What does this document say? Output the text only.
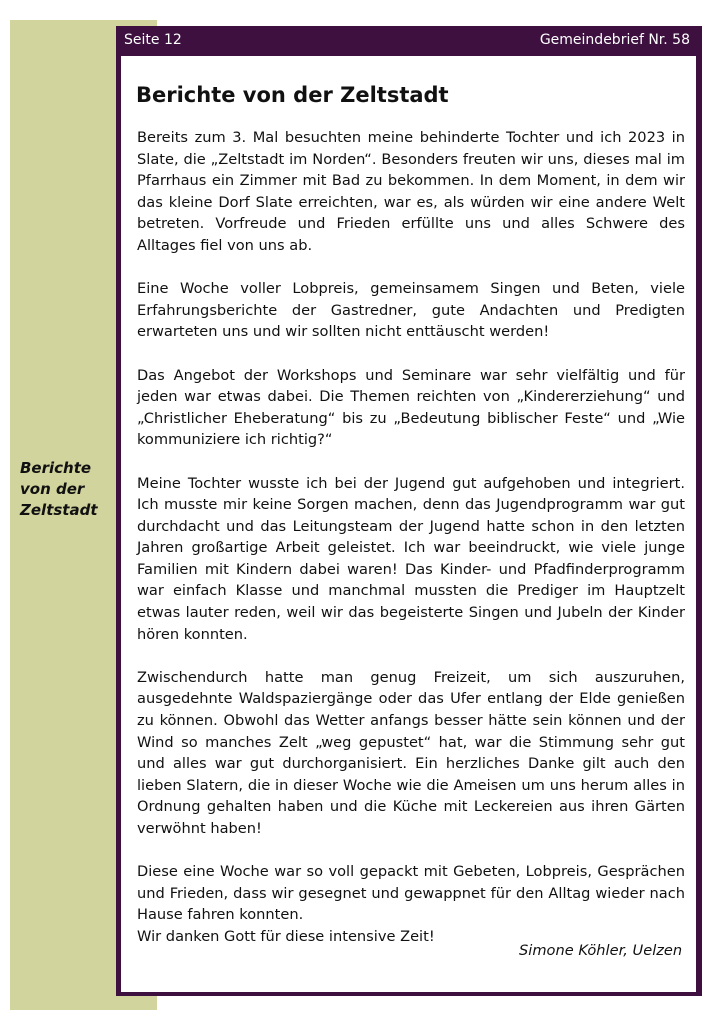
Berichte von der Zeltstadt
Seite 12	Gemeindebrief Nr. 58
Berichte von der Zeltstadt

Bereits zum 3. Mal besuchten meine behinderte Tochter und ich 2023 in Slate, die „Zeltstadt im Norden“. Besonders freuten wir uns, dieses mal im Pfarrhaus ein Zimmer mit Bad zu bekommen. In dem Moment, in dem wir das kleine Dorf Slate erreichten, war es, als würden wir eine andere Welt betreten. Vorfreude und Frieden erfüllte uns und alles Schwere des Alltages fiel von uns ab.

Eine Woche voller Lobpreis, gemeinsamem Singen und Beten, viele Erfahrungsberichte der Gastredner, gute Andachten und Predigten erwarteten uns und wir sollten nicht enttäuscht werden!

Das Angebot der Workshops und Seminare war sehr vielfältig und für jeden war etwas dabei. Die Themen reichten von „Kindererziehung“ und „Christlicher Eheberatung“ bis zu „Bedeutung biblischer Feste“ und „Wie kommuniziere ich richtig?“

Meine Tochter wusste ich bei der Jugend gut aufgehoben und integriert. Ich musste mir keine Sorgen machen, denn das Jugendprogramm war gut durchdacht und das Leitungsteam der Jugend hatte schon in den letzten Jahren großartige Arbeit geleistet. Ich war beeindruckt, wie viele junge Familien mit Kindern dabei waren! Das Kinder- und Pfadfinderprogramm war einfach Klasse und manchmal mussten die Prediger im Hauptzelt etwas lauter reden, weil wir das begeisterte Singen und Jubeln der Kinder hören konnten.

Zwischendurch hatte man genug Freizeit, um sich auszuruhen, ausgedehnte Waldspaziergänge oder das Ufer entlang der Elde genießen zu können. Obwohl das Wetter anfangs besser hätte sein können und der Wind so manches Zelt „weg gepustet“ hat, war die Stimmung sehr gut und alles war gut durchorganisiert. Ein herzliches Danke gilt auch den lieben Slatern, die in dieser Woche wie die Ameisen um uns herum alles in Ordnung gehalten haben und die Küche mit Leckereien aus ihren Gärten verwöhnt haben!

Diese eine Woche war so voll gepackt mit Gebeten, Lobpreis, Gesprächen und Frieden, dass wir gesegnet und gewappnet für den Alltag wieder nach Hause fahren konnten.

Wir danken Gott für diese intensive Zeit!

Simone Köhler, Uelzen
